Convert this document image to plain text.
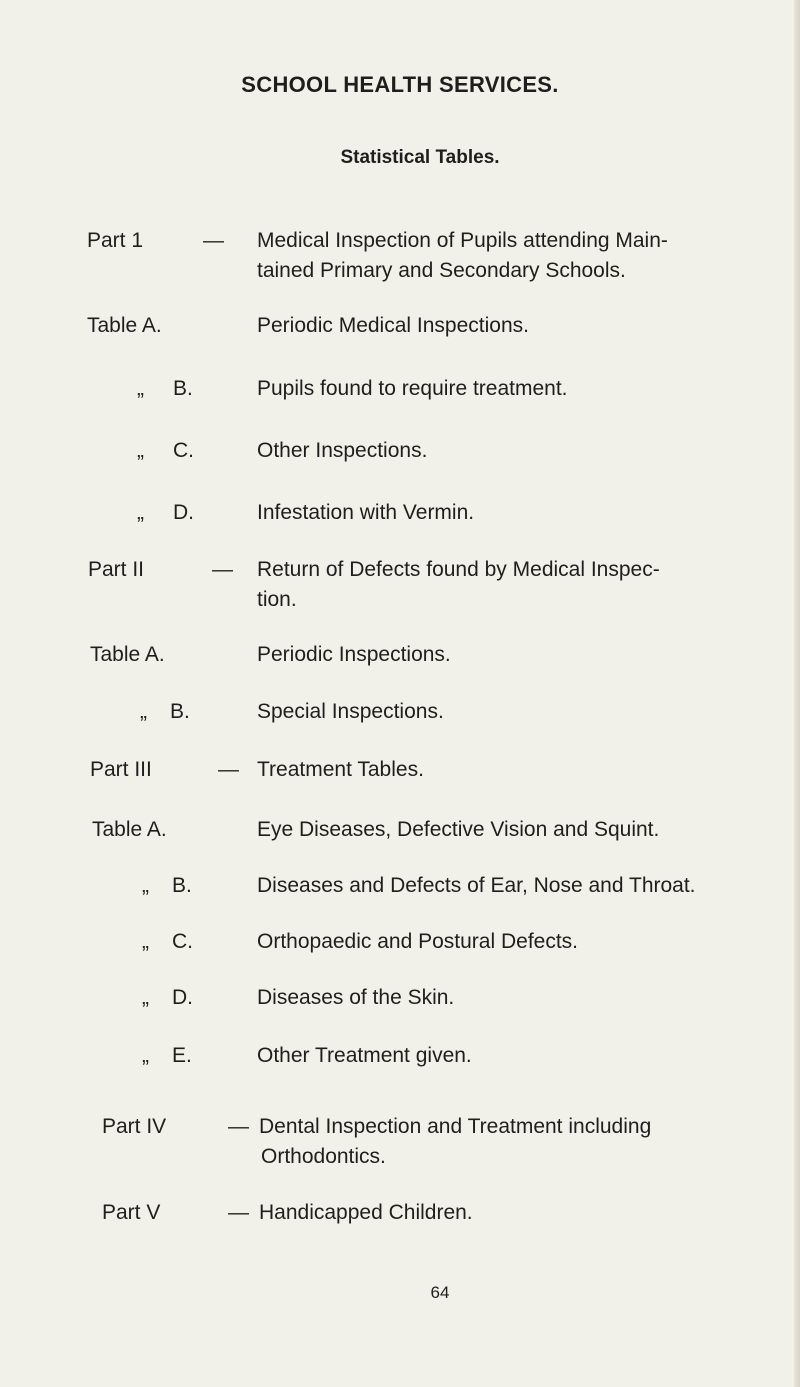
SCHOOL HEALTH SERVICES.
Statistical Tables.
Part 1	— Medical Inspection of Pupils attending Main-
tained Primary and Secondary Schools.
Table A.	Periodic Medical Inspections.
„ B.	Pupils found to require treatment.
„ C.	Other Inspections.
„ D.	Infestation with Vermin.
Part II	— Return of Defects found by Medical Inspec-
tion.
Table A.	Periodic Inspections.
„ B.	Special Inspections.
Part III	— Treatment Tables.
Table A.	Eye Diseases, Defective Vision and Squint.
„ B.	Diseases and Defects of Ear, Nose and Throat.
„ C.	Orthopaedic and Postural Defects.
„ D.	Diseases of the Skin.
„ E.	Other Treatment given.
Part IV	— Dental Inspection and Treatment including
Orthodontics.
Part V	— Handicapped Children.
64
